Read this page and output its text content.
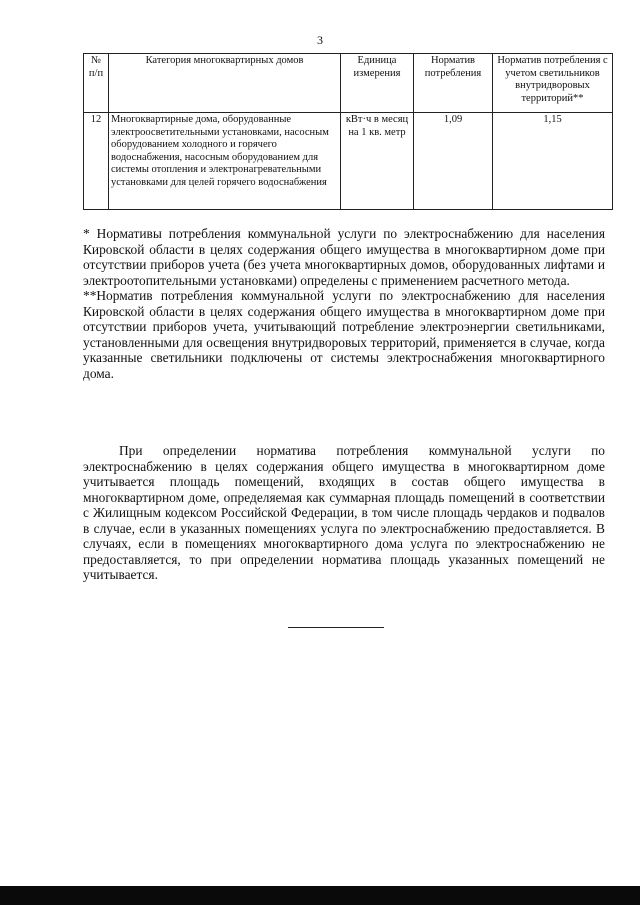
3
№ п/п	Категория многоквартирных домов	Единица измерения	Норматив потребления	Норматив потребления с учетом светильников внутридворовых территорий**
12	Многоквартирные дома, оборудованные электроосветительными установками, насосным оборудованием холодного и горячего водоснабжения, насосным оборудованием для системы отопления и электронагревательными установками для целей горячего водоснабжения	кВт·ч в месяц на 1 кв. метр	1,09	1,15

* Нормативы потребления коммунальной услуги по электроснабжению для населения Кировской области в целях содержания общего имущества в многоквартирном доме при отсутствии приборов учета (без учета многоквартирных домов, оборудованных лифтами и электроотопительными установками) определены с применением расчетного метода.

**Норматив потребления коммунальной услуги по электроснабжению для населения Кировской области в целях содержания общего имущества в многоквартирном доме при отсутствии приборов учета, учитывающий потребление электроэнергии светильниками, установленными для освещения внутридворовых территорий, применяется в случае, когда указанные светильники подключены от системы электроснабжения многоквартирного дома.

При определении норматива потребления коммунальной услуги по электроснабжению в целях содержания общего имущества в многоквартирном доме учитывается площадь помещений, входящих в состав общего имущества в многоквартирном доме, определяемая как суммарная площадь помещений в соответствии с Жилищным кодексом Российской Федерации, в том числе площадь чердаков и подвалов в случае, если в указанных помещениях услуга по электроснабжению предоставляется. В случаях, если в помещениях многоквартирного дома услуга по электроснабжению не предоставляется, то при определении норматива площадь указанных помещений не учитывается.
